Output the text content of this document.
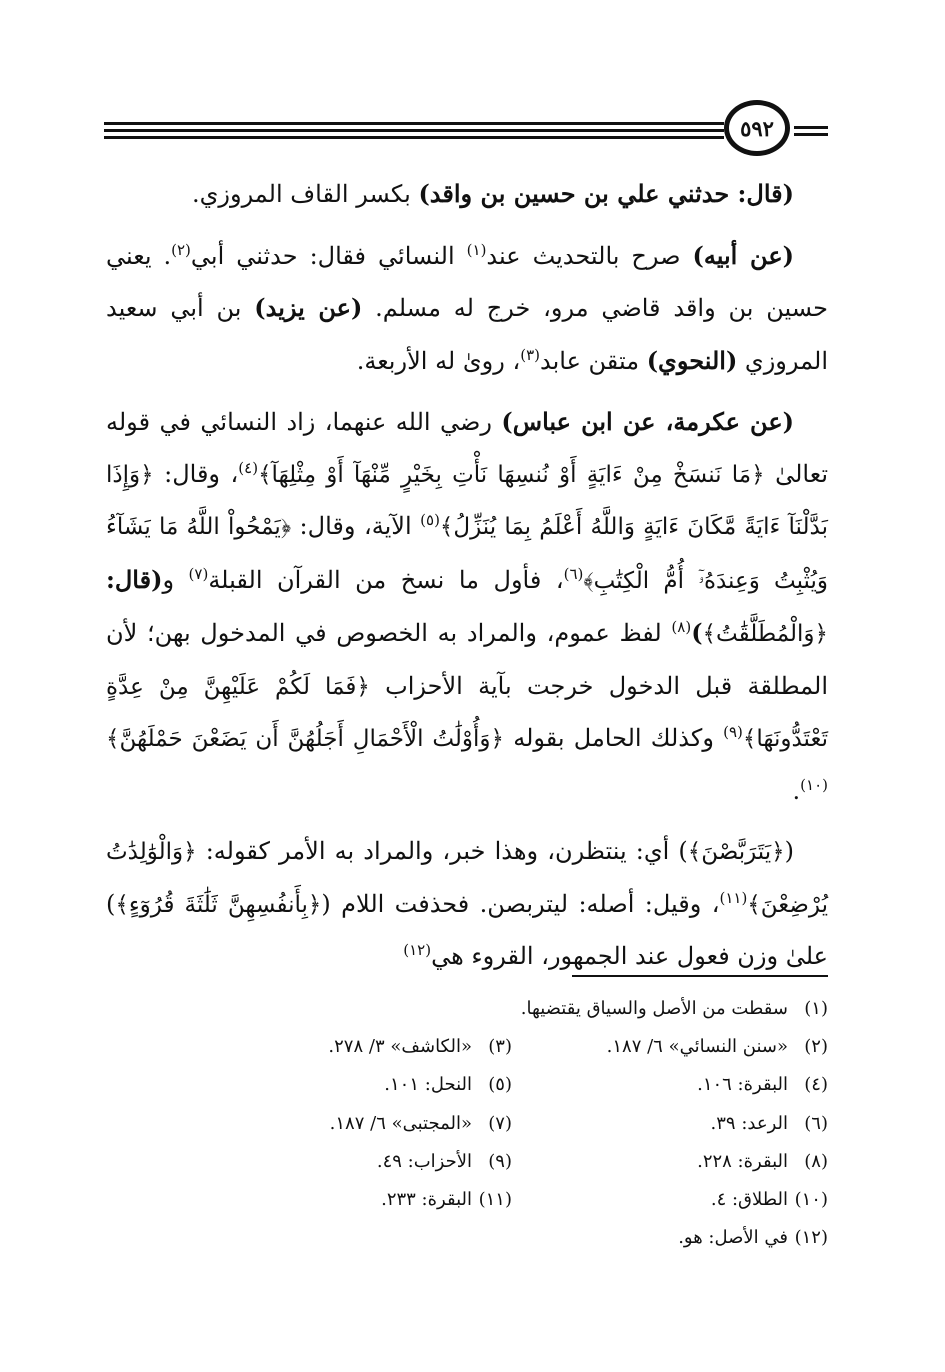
٥٩٢

(قال: حدثني علي بن حسين بن واقد) بكسر القاف المروزي.

(عن أبيه) صرح بالتحديث عند$^{(١)}$ النسائي فقال: حدثني أبي$^{(٢)}$. يعني حسين بن واقد قاضي مرو، خرج له مسلم. (عن يزيد) بن أبي سعيد المروزي (النحوي) متقن عابد$^{(٣)}$، روىٰ له الأربعة.

(عن عكرمة، عن ابن عباس) رضي الله عنهما، زاد النسائي في قوله تعالىٰ ﴿مَا نَنسَخْ مِنْ ءَايَةٍ أَوْ نُنسِهَا نَأْتِ بِخَيْرٍ مِّنْهَآ أَوْ مِثْلِهَآ﴾$^{(٤)}$، وقال: ﴿وَإِذَا بَدَّلْنَآ ءَايَةً مَّكَانَ ءَايَةٍ وَاللَّهُ أَعْلَمُ بِمَا يُنَزِّلُ﴾$^{(٥)}$ الآية، وقال: ﴿يَمْحُواْ اللَّهُ مَا يَشَآءُ وَيُثْبِتُ وَعِندَهُۥٓ أُمُّ الْكِتَٰبِ﴾$^{(٦)}$، فأول ما نسخ من القرآن القبلة$^{(٧)}$ و(قال: ﴿وَالْمُطَلَّقَٰتُ﴾)$^{(٨)}$ لفظ عموم، والمراد به الخصوص في المدخول بهن؛ لأن المطلقة قبل الدخول خرجت بآية الأحزاب ﴿فَمَا لَكُمْ عَلَيْهِنَّ مِنْ عِدَّةٍ تَعْتَدُّونَهَا﴾$^{(٩)}$ وكذلك الحامل بقوله ﴿وَأُوْلَٰتُ الْأَحْمَالِ أَجَلُهُنَّ أَن يَضَعْنَ حَمْلَهُنَّ﴾$^{(١٠)}$.

(﴿يَتَرَبَّصْنَ﴾) أي: ينتظرن، وهذا خبر، والمراد به الأمر كقوله: ﴿وَالْوَٰلِدَٰتُ يُرْضِعْنَ﴾$^{(١١)}$، وقيل: أصله: ليتربصن. فحذفت اللام (﴿بِأَنفُسِهِنَّ ثَلَٰثَةَ قُرُوٓءٍ﴾) علىٰ وزن فعول عند الجمهور، القروء هي$^{(١٢)}$

(١)سقطت من الأصل والسياق يقتضيها.
(٢)«سنن النسائي» ٦/ ١٨٧.
(٣)«الكاشف» ٣/ ٢٧٨.
(٤)البقرة: ١٠٦.
(٥)النحل: ١٠١.
(٦)الرعد: ٣٩.
(٧)«المجتبى» ٦/ ١٨٧.
(٨)البقرة: ٢٢٨.
(٩)الأحزاب: ٤٩.
(١٠)الطلاق: ٤.
(١١)البقرة: ٢٣٣.
(١٢)في الأصل: هو.
